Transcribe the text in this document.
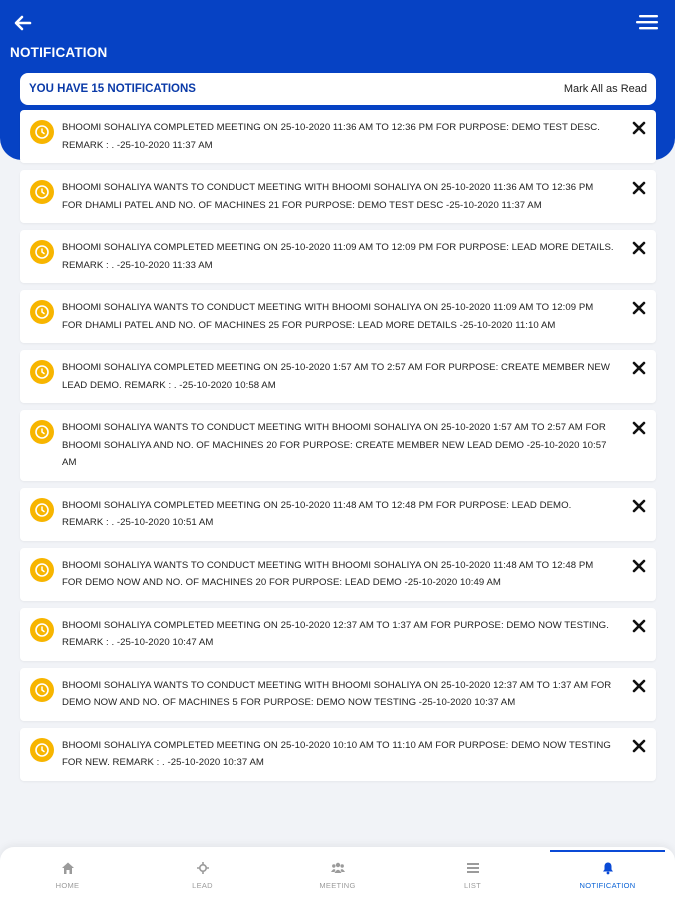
NOTIFICATION
YOU HAVE 15 NOTIFICATIONS	Mark All as Read
BHOOMI SOHALIYA COMPLETED MEETING ON 25-10-2020 11:36 AM TO 12:36 PM FOR PURPOSE: DEMO TEST DESC. REMARK : . -25-10-2020 11:37 AM
BHOOMI SOHALIYA WANTS TO CONDUCT MEETING WITH BHOOMI SOHALIYA ON 25-10-2020 11:36 AM TO 12:36 PM FOR DHAMLI PATEL AND NO. OF MACHINES 21 FOR PURPOSE: DEMO TEST DESC -25-10-2020 11:37 AM
BHOOMI SOHALIYA COMPLETED MEETING ON 25-10-2020 11:09 AM TO 12:09 PM FOR PURPOSE: LEAD MORE DETAILS. REMARK : . -25-10-2020 11:33 AM
BHOOMI SOHALIYA WANTS TO CONDUCT MEETING WITH BHOOMI SOHALIYA ON 25-10-2020 11:09 AM TO 12:09 PM FOR DHAMLI PATEL AND NO. OF MACHINES 25 FOR PURPOSE: LEAD MORE DETAILS -25-10-2020 11:10 AM
BHOOMI SOHALIYA COMPLETED MEETING ON 25-10-2020 1:57 AM TO 2:57 AM FOR PURPOSE: CREATE MEMBER NEW LEAD DEMO. REMARK : . -25-10-2020 10:58 AM
BHOOMI SOHALIYA WANTS TO CONDUCT MEETING WITH BHOOMI SOHALIYA ON 25-10-2020 1:57 AM TO 2:57 AM FOR BHOOMI SOHALIYA AND NO. OF MACHINES 20 FOR PURPOSE: CREATE MEMBER NEW LEAD DEMO -25-10-2020 10:57 AM
BHOOMI SOHALIYA COMPLETED MEETING ON 25-10-2020 11:48 AM TO 12:48 PM FOR PURPOSE: LEAD DEMO. REMARK : . -25-10-2020 10:51 AM
BHOOMI SOHALIYA WANTS TO CONDUCT MEETING WITH BHOOMI SOHALIYA ON 25-10-2020 11:48 AM TO 12:48 PM FOR DEMO NOW AND NO. OF MACHINES 20 FOR PURPOSE: LEAD DEMO -25-10-2020 10:49 AM
BHOOMI SOHALIYA COMPLETED MEETING ON 25-10-2020 12:37 AM TO 1:37 AM FOR PURPOSE: DEMO NOW TESTING. REMARK : . -25-10-2020 10:47 AM
BHOOMI SOHALIYA WANTS TO CONDUCT MEETING WITH BHOOMI SOHALIYA ON 25-10-2020 12:37 AM TO 1:37 AM FOR DEMO NOW AND NO. OF MACHINES 5 FOR PURPOSE: DEMO NOW TESTING -25-10-2020 10:37 AM
BHOOMI SOHALIYA COMPLETED MEETING ON 25-10-2020 10:10 AM TO 11:10 AM FOR PURPOSE: DEMO NOW TESTING FOR NEW. REMARK : . -25-10-2020 10:37 AM
HOME	LEAD	MEETING	LIST	NOTIFICATION
